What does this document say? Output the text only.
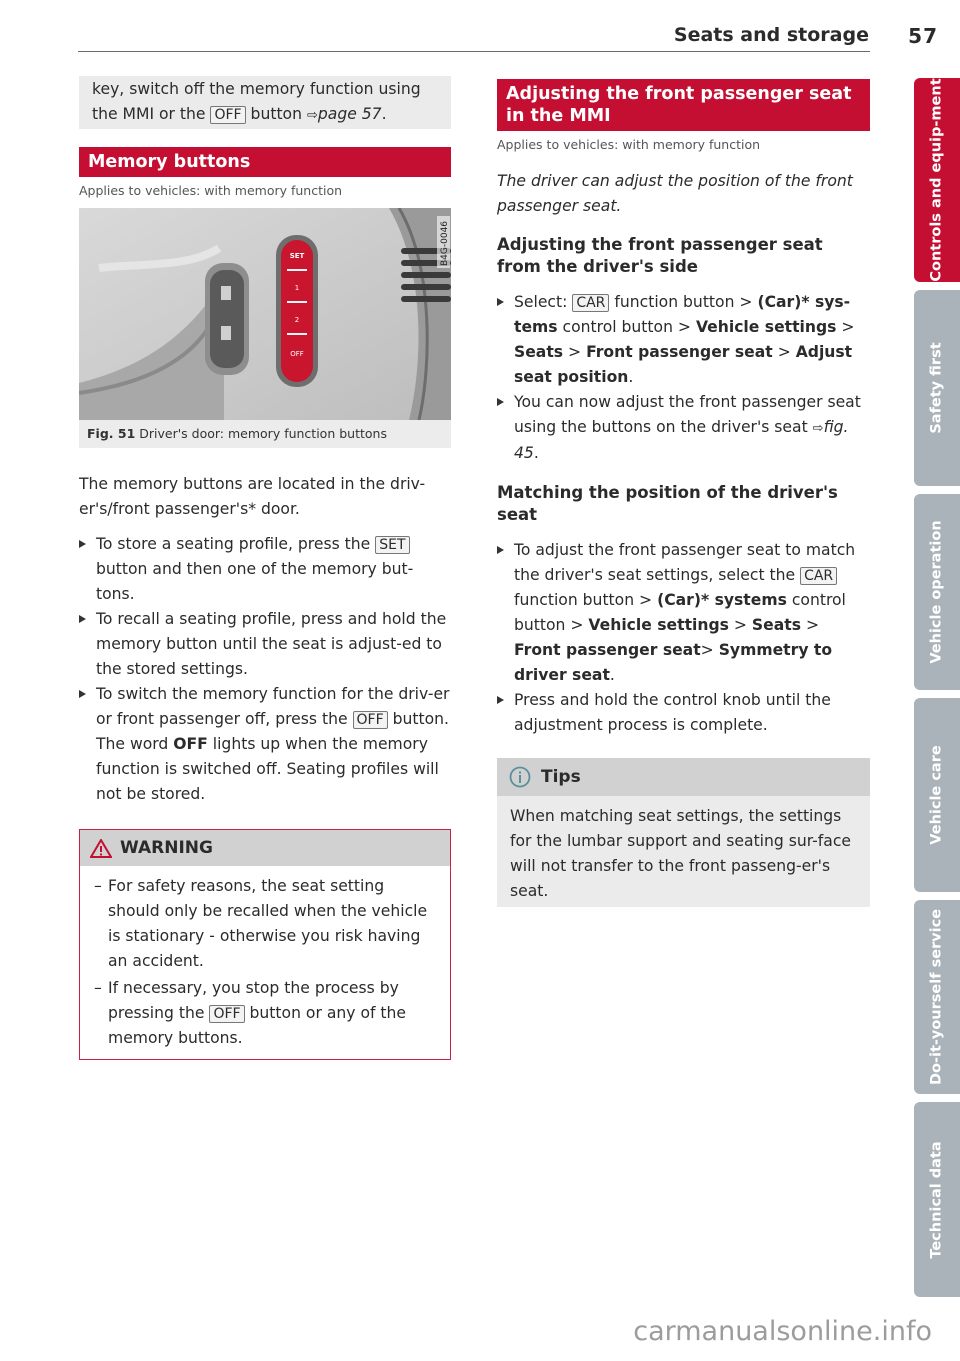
Seats and storage 57

key, switch off the memory function using the MMI or the OFF button ⇨page 57.

Memory buttons
Applies to vehicles: with memory function
SET
1
2
OFF
B4G-0046
Fig. 51 Driver's door: memory function buttons

The memory buttons are located in the driv-er's/front passenger's* door.

To store a seating profile, press the SET button and then one of the memory but-tons.
To recall a seating profile, press and hold the memory button until the seat is adjust-ed to the stored settings.
To switch the memory function for the driv-er or front passenger off, press the OFF button. The word OFF lights up when the memory function is switched off. Seating profiles will not be stored.
WARNING
– For safety reasons, the seat setting should only be recalled when the vehicle is stationary - otherwise you risk having an accident.
– If necessary, you stop the process by pressing the OFF button or any of the memory buttons.
Adjusting the front passenger seat in the MMI
Applies to vehicles: with memory function

The driver can adjust the position of the front passenger seat.

Adjusting the front passenger seat from the driver's side
Select: CAR function button > (Car)* sys-tems control button > Vehicle settings > Seats > Front passenger seat > Adjust seat position.
You can now adjust the front passenger seat using the buttons on the driver's seat ⇨fig. 45.
Matching the position of the driver's seat
To adjust the front passenger seat to match the driver's seat settings, select the CAR function button > (Car)* systems control button > Vehicle settings > Seats > Front passenger seat> Symmetry to driver seat.
Press and hold the control knob until the adjustment process is complete.
Tips
When matching seat settings, the settings for the lumbar support and seating sur-face will not transfer to the front passeng-er's seat.
Controls and equip-ment
Safety first
Vehicle operation
Vehicle care
Do-it-yourself service
Technical data
carmanualsonline.info
